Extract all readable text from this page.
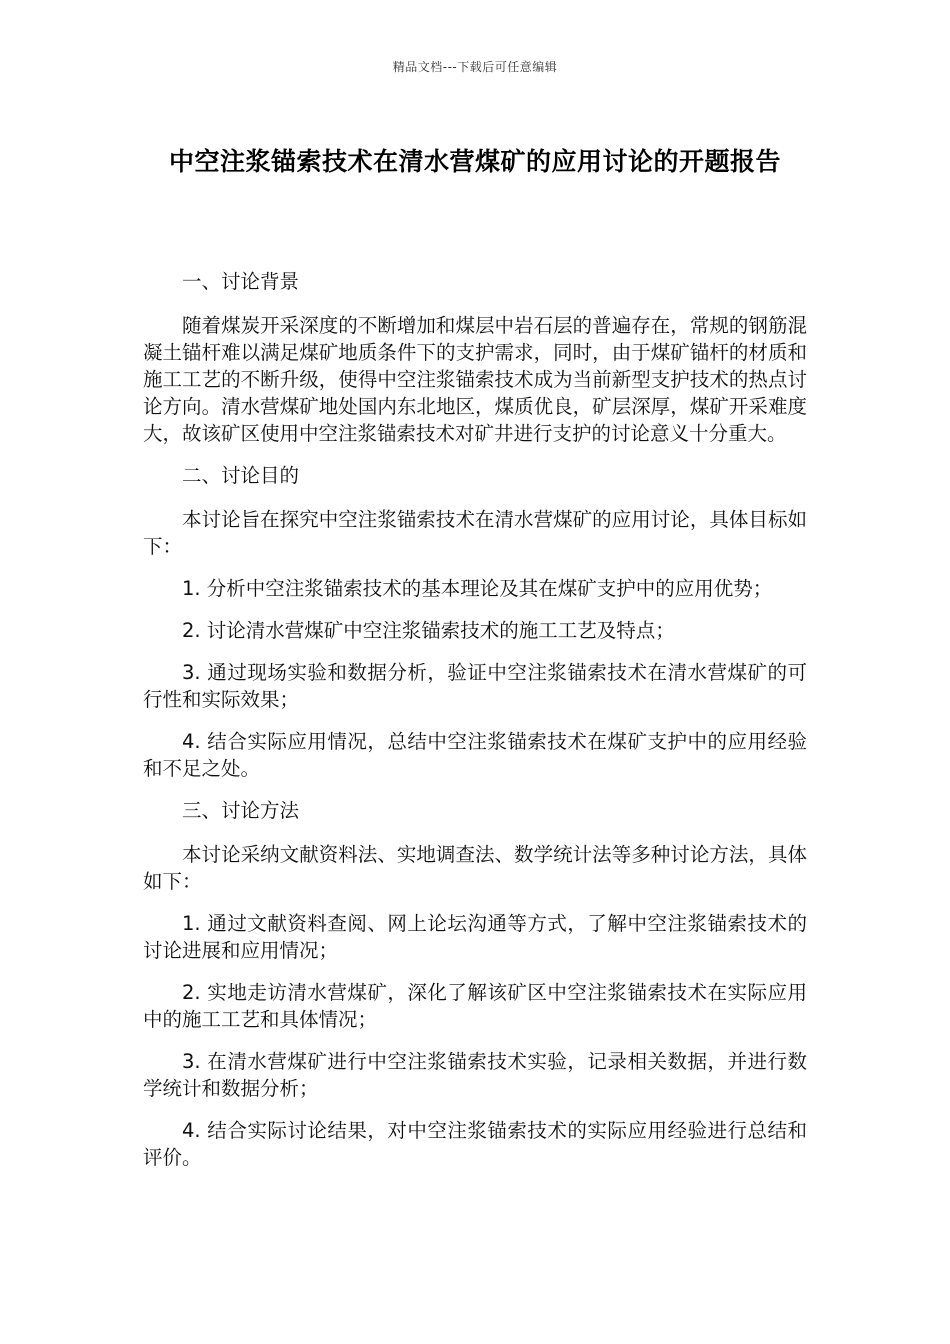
精品文档---下载后可任意编辑
中空注浆锚索技术在清水营煤矿的应用讨论的开题报告

一、讨论背景

随着煤炭开采深度的不断增加和煤层中岩石层的普遍存在，常规的钢筋混凝土锚杆难以满足煤矿地质条件下的支护需求，同时，由于煤矿锚杆的材质和施工工艺的不断升级，使得中空注浆锚索技术成为当前新型支护技术的热点讨论方向。清水营煤矿地处国内东北地区，煤质优良，矿层深厚，煤矿开采难度大，故该矿区使用中空注浆锚索技术对矿井进行支护的讨论意义十分重大。

二、讨论目的

本讨论旨在探究中空注浆锚索技术在清水营煤矿的应用讨论，具体目标如下：

1. 分析中空注浆锚索技术的基本理论及其在煤矿支护中的应用优势；

2. 讨论清水营煤矿中空注浆锚索技术的施工工艺及特点；

3. 通过现场实验和数据分析，验证中空注浆锚索技术在清水营煤矿的可行性和实际效果；

4. 结合实际应用情况，总结中空注浆锚索技术在煤矿支护中的应用经验和不足之处。

三、讨论方法

本讨论采纳文献资料法、实地调查法、数学统计法等多种讨论方法，具体如下：

1. 通过文献资料查阅、网上论坛沟通等方式，了解中空注浆锚索技术的讨论进展和应用情况；

2. 实地走访清水营煤矿，深化了解该矿区中空注浆锚索技术在实际应用中的施工工艺和具体情况；

3. 在清水营煤矿进行中空注浆锚索技术实验，记录相关数据，并进行数学统计和数据分析；

4. 结合实际讨论结果，对中空注浆锚索技术的实际应用经验进行总结和评价。
